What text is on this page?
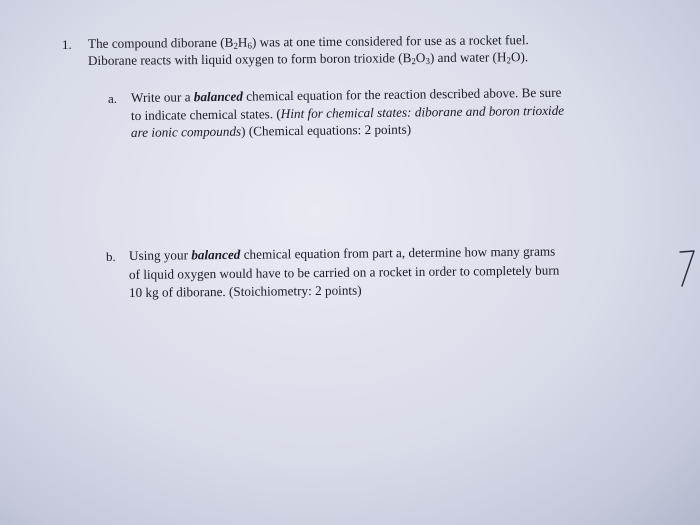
1. The compound diborane $(B_2H_6)$ was at one time considered for use as a rocket fuel.
Diborane reacts with liquid oxygen to form boron trioxide $(B_2O_3)$ and water $(H_2O)$.
a. Write our a balanced chemical equation for the reaction described above. Be sure
to indicate chemical states. (Hint for chemical states: diborane and boron trioxide
are ionic compounds) (Chemical equations: 2 points)
b. Using your balanced chemical equation from part a, determine how many grams
of liquid oxygen would have to be carried on a rocket in order to completely burn
10 kg of diborane. (Stoichiometry: 2 points)
